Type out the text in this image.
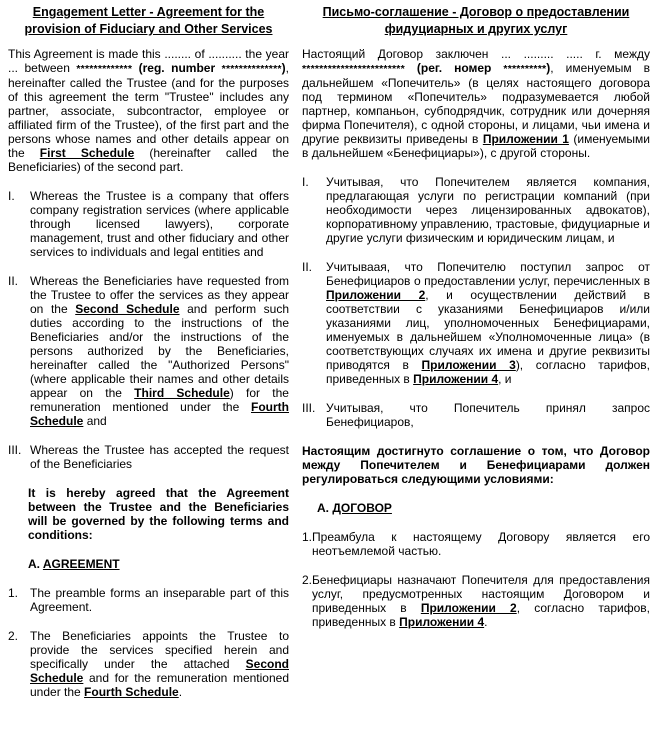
Engagement Letter - Agreement for the provision of Fiduciary and Other Services

This Agreement is made this ........ of .......... the year ... between ************* (reg. number **************), hereinafter called the Trustee (and for the purposes of this agreement the term "Trustee" includes any partner, associate, subcontractor, employee or affiliated firm of the Trustee), of the first part and the persons whose names and other details appear on the First Schedule (hereinafter called the Beneficiaries) of the second part.

I.	Whereas the Trustee is a company that offers company registration services (where applicable through licensed lawyers), corporate management, trust and other fiduciary and other services to individuals and legal entities and
II. Whereas the Beneficiaries have requested from the Trustee to offer the services as they appear on the Second Schedule and perform such duties according to the instructions of the Beneficiaries and/or the instructions of the persons authorized by the Beneficiaries, hereinafter called the "Authorized Persons" (where applicable their names and other details appear on the Third Schedule) for the remuneration mentioned under the Fourth Schedule and
III. Whereas the Trustee has accepted the request of the Beneficiaries

It is hereby agreed that the Agreement between the Trustee and the Beneficiaries will be governed by the following terms and conditions:

A. AGREEMENT

1. The preamble forms an inseparable part of this Agreement.
2. The Beneficiaries appoints the Trustee to provide the services specified herein and specifically under the attached Second Schedule and for the remuneration mentioned under the Fourth Schedule.
Письмо-соглашение - Договор о предоставлении фидуциарных и других услуг

Настоящий Договор заключен ... ......... ..... г. между ************************ (рег. номер **********), именуемым в дальнейшем «Попечитель» (в целях настоящего договора под термином «Попечитель» подразумевается любой партнер, компаньон, субподрядчик, сотрудник или дочерняя фирма Попечителя), с одной стороны, и лицами, чьи имена и другие реквизиты приведены в Приложении 1 (именуемыми в дальнейшем «Бенефициары»), с другой стороны.

I.	Учитывая, что Попечителем является компания, предлагающая услуги по регистрации компаний (при необходимости через лицензированных адвокатов), корпоративному управлению, трастовые, фидуциарные и другие услуги физическим и юридическим лицам, и
II.	Учитываая, что Попечителю поступил запрос от Бенефициаров о предоставлении услуг, перечисленных в Приложении 2, и осуществлении действий в соответствии с указаниями Бенефициаров и/или указаниями лиц, уполномоченных Бенефициарами, именуемых в дальнейшем «Уполномоченные лица» (в соответствующих случаях их имена и другие реквизиты приводятся в Приложении 3), согласно тарифов, приведенных в Приложении 4, и
III. Учитывая, что Попечитель принял запрос Бенефициаров,

Настоящим достигнуто соглашение о том, что Договор между Попечителем и Бенефициарами должен регулироваться следующими условиями:

А. ДОГОВОР

1.Преамбула к настоящему Договору является его неотъемлемой частью.
2.Бенефициары назначают Попечителя для предоставления услуг, предусмотренных настоящим Договором и приведенных в Приложении 2, согласно тарифов, приведенных в Приложении 4.
